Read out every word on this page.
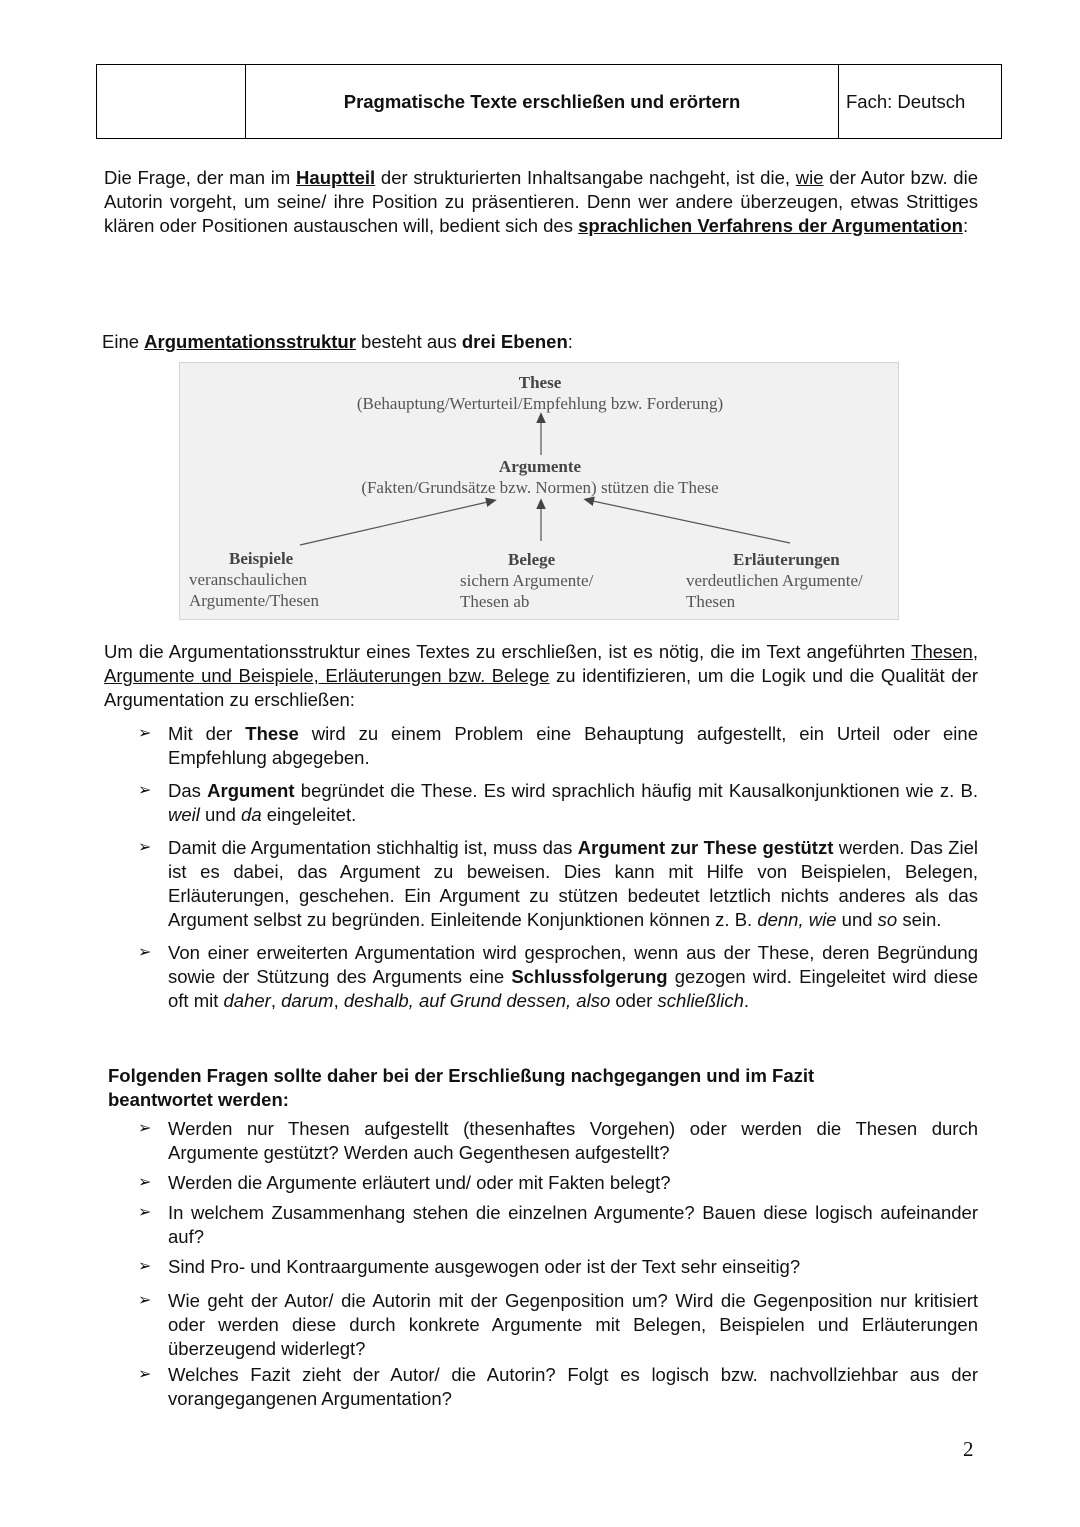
Pragmatische Texte erschließen und erörtern	Fach: Deutsch
Die Frage, der man im Hauptteil der strukturierten Inhaltsangabe nachgeht, ist die, wie der Autor bzw. die Autorin vorgeht, um seine/ ihre Position zu präsentieren. Denn wer andere überzeugen, etwas Strittiges klären oder Positionen austauschen will, bedient sich des sprachlichen Verfahrens der Argumentation:
Eine Argumentationsstruktur besteht aus drei Ebenen:
These
(Behauptung/Werturteil/Empfehlung bzw. Forderung)
Argumente
(Fakten/Grundsätze bzw. Normen) stützen die These
Beispiele
veranschaulichen
Argumente/Thesen
Belege
sichern Argumente/
Thesen ab
Erläuterungen
verdeutlichen Argumente/
Thesen
Um die Argumentationsstruktur eines Textes zu erschließen, ist es nötig, die im Text angeführten Thesen, Argumente und Beispiele, Erläuterungen bzw. Belege zu identifizieren, um die Logik und die Qualität der Argumentation zu erschließen:
➢ Mit der These wird zu einem Problem eine Behauptung aufgestellt, ein Urteil oder eine Empfehlung abgegeben.
➢ Das Argument begründet die These. Es wird sprachlich häufig mit Kausalkonjunktionen wie z. B. weil und da eingeleitet.
➢ Damit die Argumentation stichhaltig ist, muss das Argument zur These gestützt werden. Das Ziel ist es dabei, das Argument zu beweisen. Dies kann mit Hilfe von Beispielen, Belegen, Erläuterungen, geschehen. Ein Argument zu stützen bedeutet letztlich nichts anderes als das Argument selbst zu begründen. Einleitende Konjunktionen können z. B. denn, wie und so sein.
➢ Von einer erweiterten Argumentation wird gesprochen, wenn aus der These, deren Begründung sowie der Stützung des Arguments eine Schlussfolgerung gezogen wird. Eingeleitet wird diese oft mit daher, darum, deshalb, auf Grund dessen, also oder schließlich.
Folgenden Fragen sollte daher bei der Erschließung nachgegangen und im Fazit beantwortet werden:
➢ Werden nur Thesen aufgestellt (thesenhaftes Vorgehen) oder werden die Thesen durch Argumente gestützt? Werden auch Gegenthesen aufgestellt?
➢ Werden die Argumente erläutert und/ oder mit Fakten belegt?
➢ In welchem Zusammenhang stehen die einzelnen Argumente? Bauen diese logisch aufeinander auf?
➢ Sind Pro- und Kontraargumente ausgewogen oder ist der Text sehr einseitig?
➢ Wie geht der Autor/ die Autorin mit der Gegenposition um? Wird die Gegenposition nur kritisiert oder werden diese durch konkrete Argumente mit Belegen, Beispielen und Erläuterungen überzeugend widerlegt?
➢ Welches Fazit zieht der Autor/ die Autorin? Folgt es logisch bzw. nachvollziehbar aus der vorangegangenen Argumentation?
2
